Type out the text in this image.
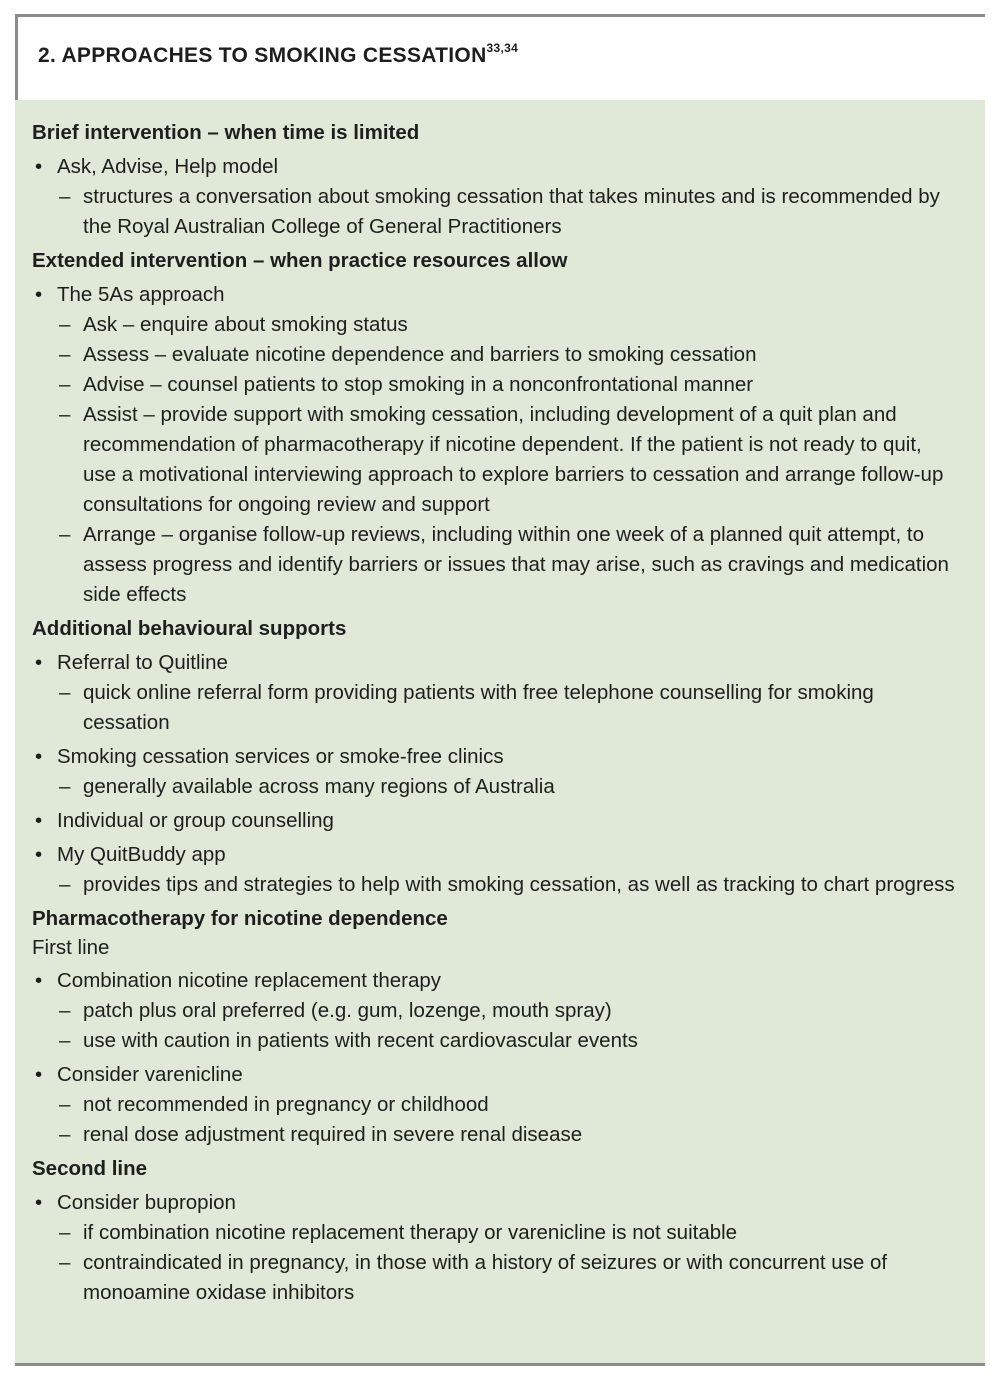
2. APPROACHES TO SMOKING CESSATION$^{33,34}$
Brief intervention – when time is limited
• Ask, Advise, Help model
– structures a conversation about smoking cessation that takes minutes and is recommended by the Royal Australian College of General Practitioners
Extended intervention – when practice resources allow
• The 5As approach
– Ask – enquire about smoking status
– Assess – evaluate nicotine dependence and barriers to smoking cessation
– Advise – counsel patients to stop smoking in a nonconfrontational manner
– Assist – provide support with smoking cessation, including development of a quit plan and recommendation of pharmacotherapy if nicotine dependent. If the patient is not ready to quit, use a motivational interviewing approach to explore barriers to cessation and arrange follow-up consultations for ongoing review and support
– Arrange – organise follow-up reviews, including within one week of a planned quit attempt, to assess progress and identify barriers or issues that may arise, such as cravings and medication side effects
Additional behavioural supports
• Referral to Quitline
– quick online referral form providing patients with free telephone counselling for smoking cessation
• Smoking cessation services or smoke-free clinics
– generally available across many regions of Australia
• Individual or group counselling
• My QuitBuddy app
– provides tips and strategies to help with smoking cessation, as well as tracking to chart progress
Pharmacotherapy for nicotine dependence
First line
• Combination nicotine replacement therapy
– patch plus oral preferred (e.g. gum, lozenge, mouth spray)
– use with caution in patients with recent cardiovascular events
• Consider varenicline
– not recommended in pregnancy or childhood
– renal dose adjustment required in severe renal disease
Second line
• Consider bupropion
– if combination nicotine replacement therapy or varenicline is not suitable
– contraindicated in pregnancy, in those with a history of seizures or with concurrent use of monoamine oxidase inhibitors
